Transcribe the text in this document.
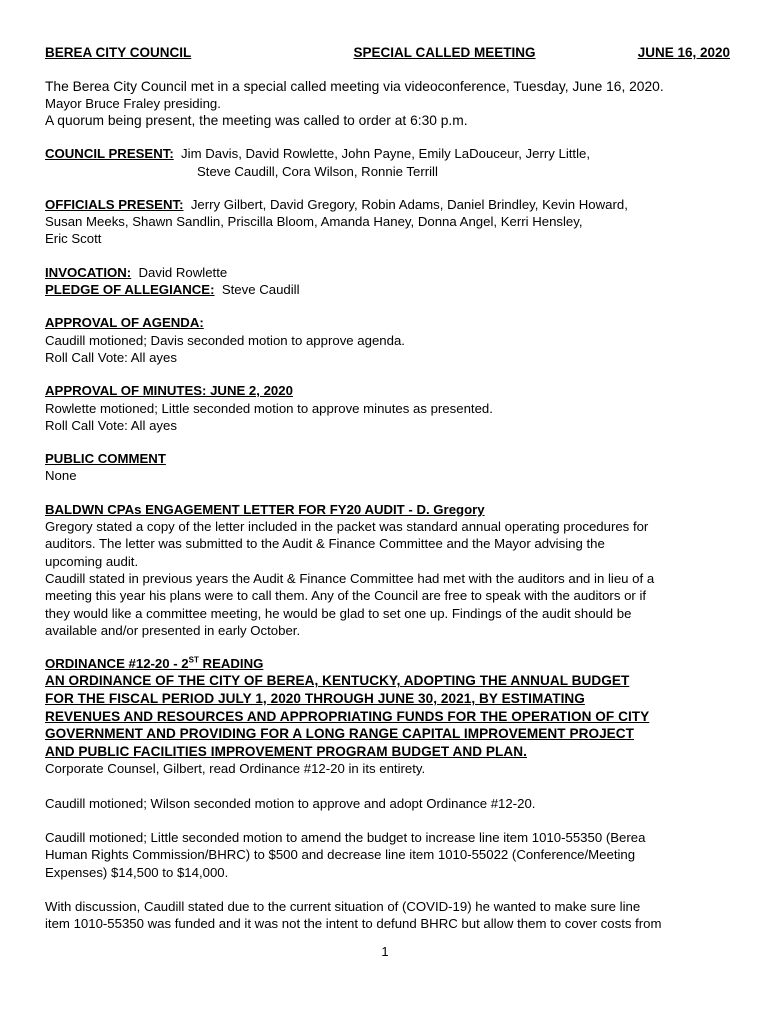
BEREA CITY COUNCIL	SPECIAL CALLED MEETING	JUNE 16, 2020

The Berea City Council met in a special called meeting via videoconference, Tuesday, June 16, 2020.

Mayor Bruce Fraley presiding.

A quorum being present, the meeting was called to order at 6:30 p.m.

COUNCIL PRESENT: Jim Davis, David Rowlette, John Payne, Emily LaDouceur, Jerry Little,

Steve Caudill, Cora Wilson, Ronnie Terrill

OFFICIALS PRESENT: Jerry Gilbert, David Gregory, Robin Adams, Daniel Brindley, Kevin Howard,

Susan Meeks, Shawn Sandlin, Priscilla Bloom, Amanda Haney, Donna Angel, Kerri Hensley,

Eric Scott

INVOCATION: David Rowlette

PLEDGE OF ALLEGIANCE: Steve Caudill

APPROVAL OF AGENDA:

Caudill motioned; Davis seconded motion to approve agenda.

Roll Call Vote: All ayes

APPROVAL OF MINUTES: JUNE 2, 2020

Rowlette motioned; Little seconded motion to approve minutes as presented.

Roll Call Vote: All ayes

PUBLIC COMMENT

None

BALDWN CPAs ENGAGEMENT LETTER FOR FY20 AUDIT - D. Gregory

Gregory stated a copy of the letter included in the packet was standard annual operating procedures for

auditors. The letter was submitted to the Audit & Finance Committee and the Mayor advising the

upcoming audit.

Caudill stated in previous years the Audit & Finance Committee had met with the auditors and in lieu of a

meeting this year his plans were to call them. Any of the Council are free to speak with the auditors or if

they would like a committee meeting, he would be glad to set one up. Findings of the audit should be

available and/or presented in early October.

ORDINANCE #12-20 - 2ST READING

AN ORDINANCE OF THE CITY OF BEREA, KENTUCKY, ADOPTING THE ANNUAL BUDGET

FOR THE FISCAL PERIOD JULY 1, 2020 THROUGH JUNE 30, 2021, BY ESTIMATING

REVENUES AND RESOURCES AND APPROPRIATING FUNDS FOR THE OPERATION OF CITY

GOVERNMENT AND PROVIDING FOR A LONG RANGE CAPITAL IMPROVEMENT PROJECT

AND PUBLIC FACILITIES IMPROVEMENT PROGRAM BUDGET AND PLAN.

Corporate Counsel, Gilbert, read Ordinance #12-20 in its entirety.

Caudill motioned; Wilson seconded motion to approve and adopt Ordinance #12-20.

Caudill motioned; Little seconded motion to amend the budget to increase line item 1010-55350 (Berea

Human Rights Commission/BHRC) to $500 and decrease line item 1010-55022 (Conference/Meeting

Expenses) $14,500 to $14,000.

With discussion, Caudill stated due to the current situation of (COVID-19) he wanted to make sure line

item 1010-55350 was funded and it was not the intent to defund BHRC but allow them to cover costs from

1
